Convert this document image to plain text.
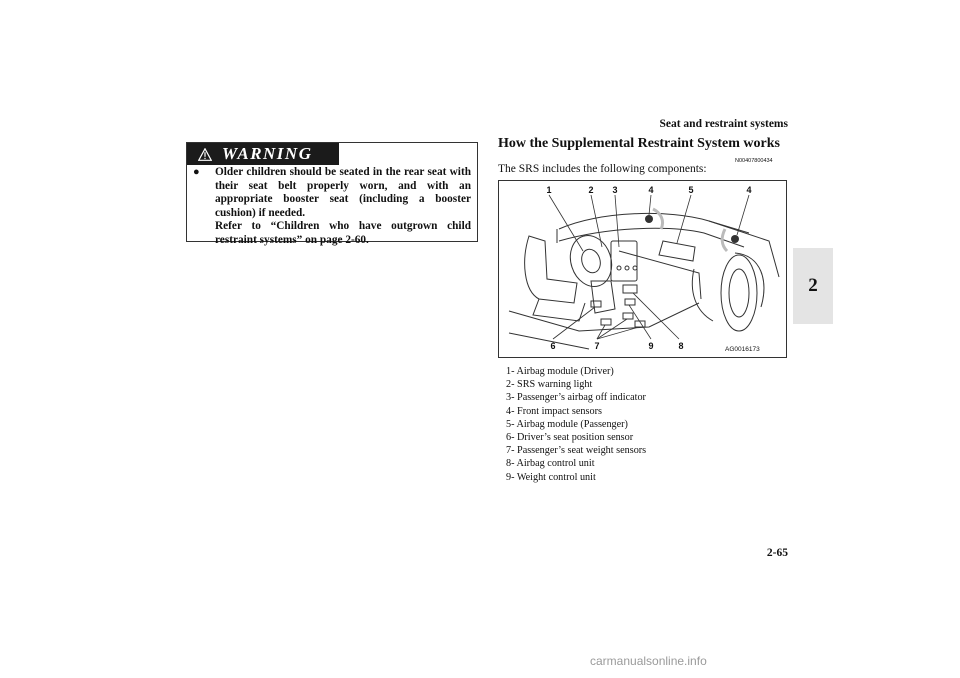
Seat and restraint systems
2
WARNING
●	Older children should be seated in the rear seat with their seat belt properly worn, and with an appropriate booster seat (including a booster cushion) if needed.

Refer to “Children who have outgrown child restraint systems” on page 2-60.

How the Supplemental Restraint System works
N00407800434
The SRS includes the following components:
1	2 3	4	5	4
6	7	9	8	AG0016173
1- Airbag module (Driver)
2- SRS warning light
3- Passenger’s airbag off indicator
4- Front impact sensors
5- Airbag module (Passenger)
6- Driver’s seat position sensor
7- Passenger’s seat weight sensors
8- Airbag control unit
9- Weight control unit
2-65
carmanualsonline.info
